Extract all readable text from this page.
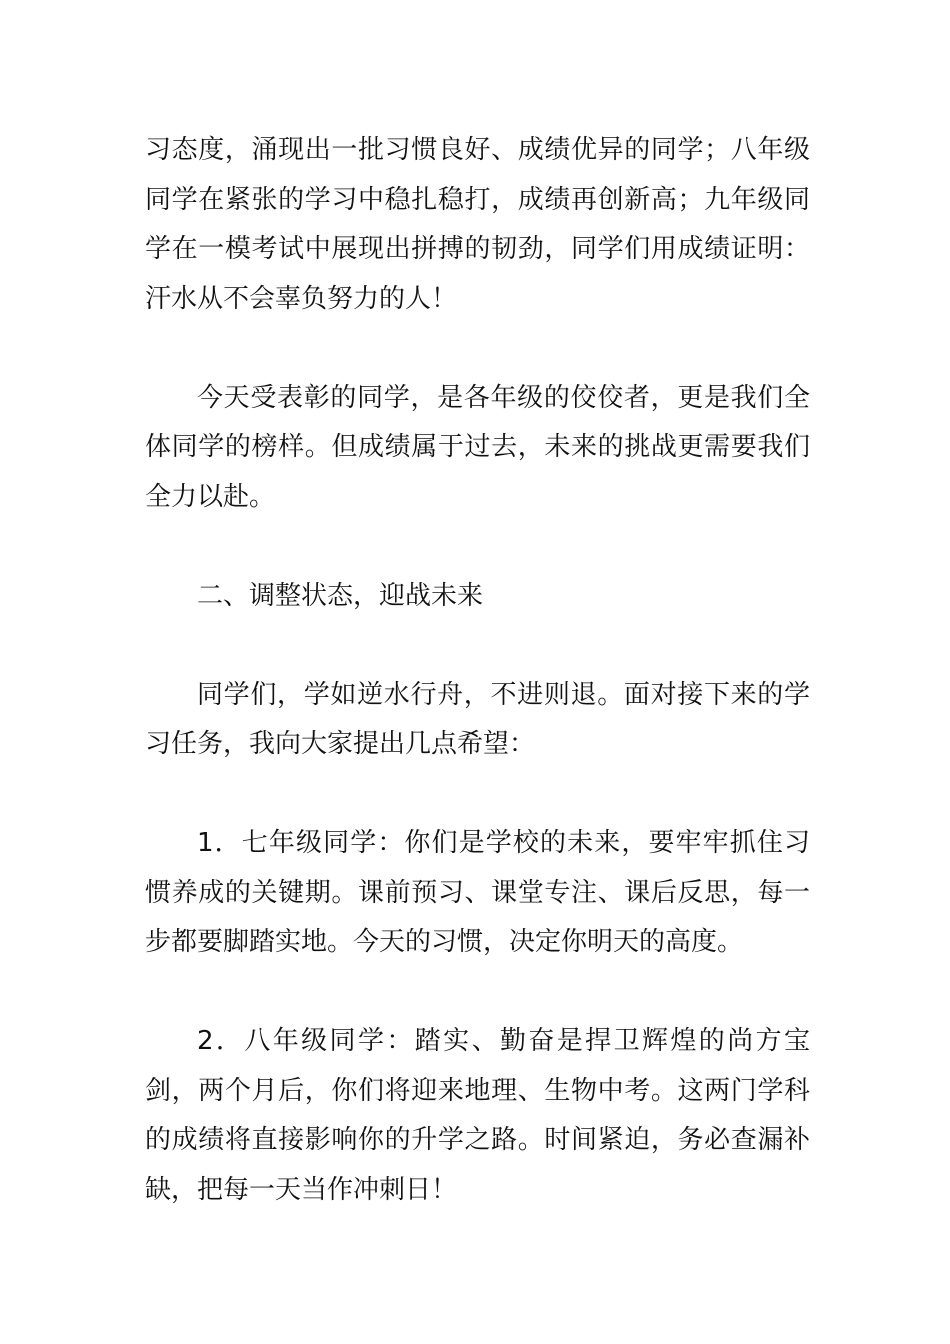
习态度，涌现出一批习惯良好、成绩优异的同学；八年级同学在紧张的学习中稳扎稳打，成绩再创新高；九年级同学在一模考试中展现出拼搏的韧劲，同学们用成绩证明：汗水从不会辜负努力的人！

今天受表彰的同学，是各年级的佼佼者，更是我们全体同学的榜样。但成绩属于过去，未来的挑战更需要我们全力以赴。

二、调整状态，迎战未来

同学们，学如逆水行舟，不进则退。面对接下来的学习任务，我向大家提出几点希望：

1．七年级同学：你们是学校的未来，要牢牢抓住习惯养成的关键期。课前预习、课堂专注、课后反思，每一步都要脚踏实地。今天的习惯，决定你明天的高度。

2．八年级同学：踏实、勤奋是捍卫辉煌的尚方宝剑，两个月后，你们将迎来地理、生物中考。这两门学科的成绩将直接影响你的升学之路。时间紧迫，务必查漏补缺，把每一天当作冲刺日！
